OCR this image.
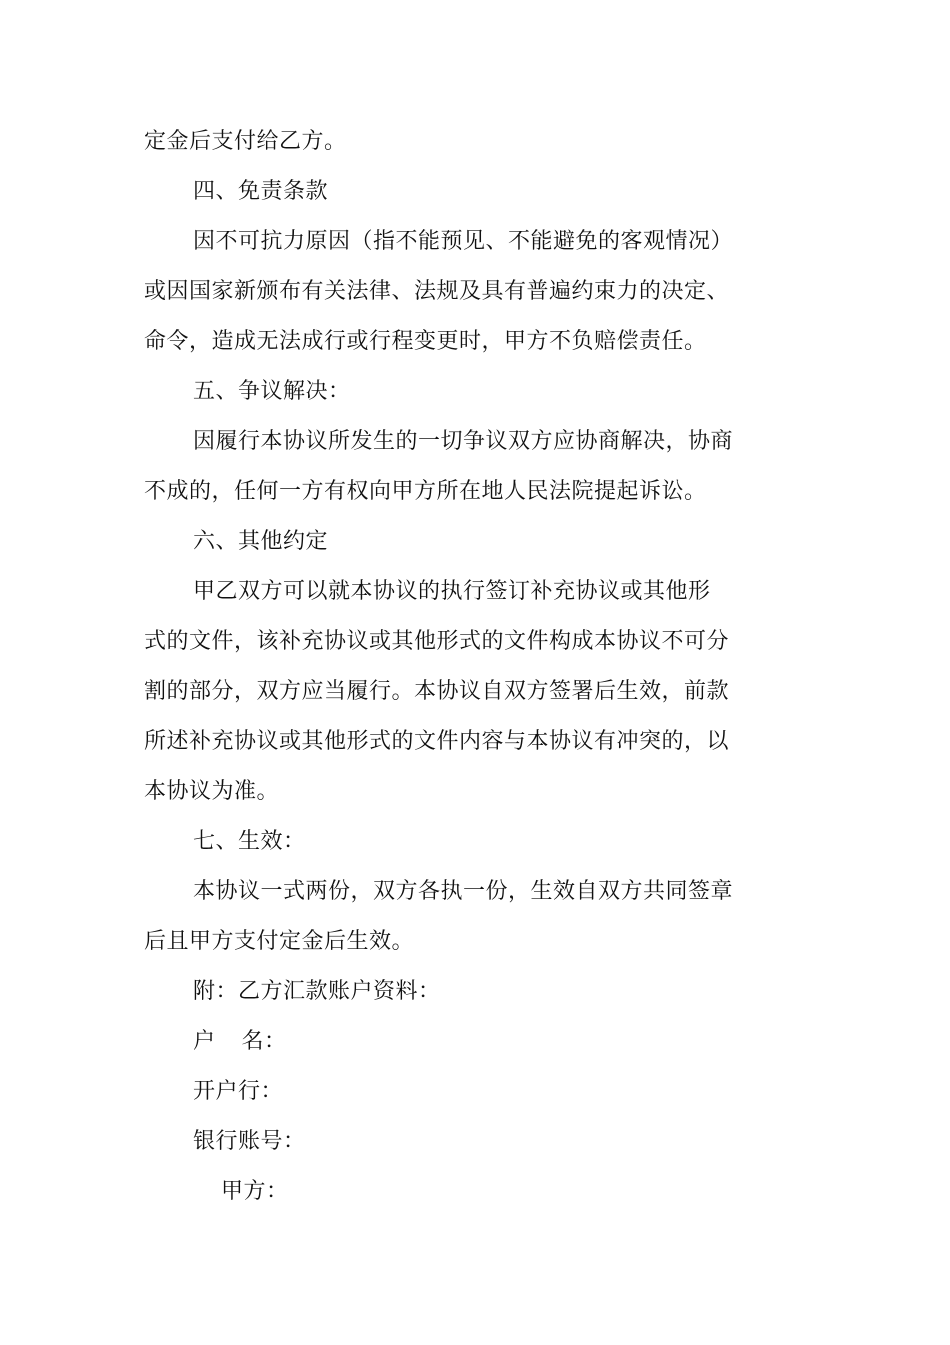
定金后支付给乙方。
四、免责条款
因不可抗力原因（指不能预见、不能避免的客观情况）
或因国家新颁布有关法律、法规及具有普遍约束力的决定、
命令，造成无法成行或行程变更时，甲方不负赔偿责任。
五、争议解决：
因履行本协议所发生的一切争议双方应协商解决，协商
不成的，任何一方有权向甲方所在地人民法院提起诉讼。
六、其他约定
甲乙双方可以就本协议的执行签订补充协议或其他形
式的文件，该补充协议或其他形式的文件构成本协议不可分
割的部分，双方应当履行。本协议自双方签署后生效，前款
所述补充协议或其他形式的文件内容与本协议有冲突的，以
本协议为准。
七、生效：
本协议一式两份，双方各执一份，生效自双方共同签章
后且甲方支付定金后生效。
附：乙方汇款账户资料：
户 名：
开户行：
银行账号：
甲方：
